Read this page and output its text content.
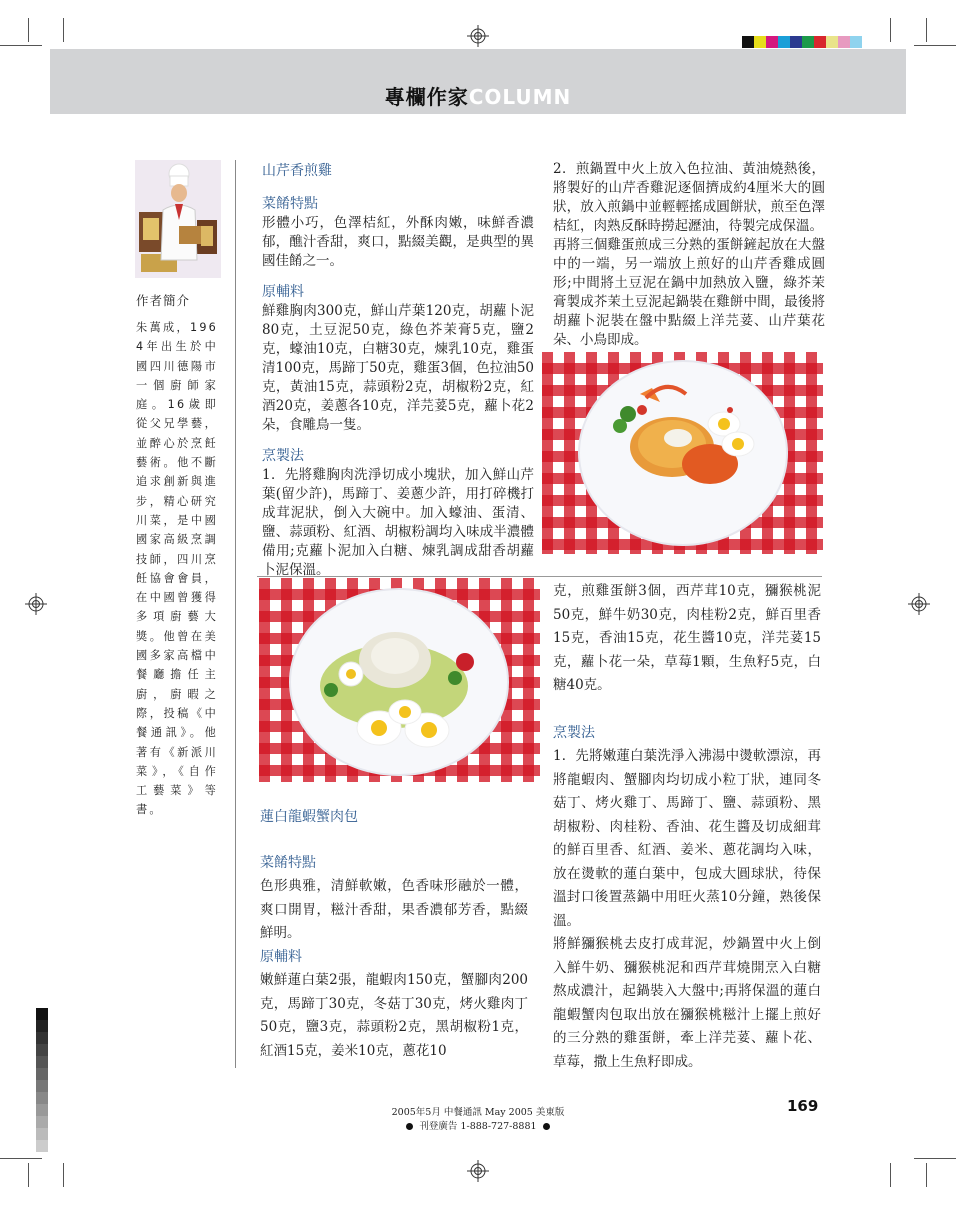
專欄作家COLUMN
作者簡介
朱萬成，1964年出生於中國四川德陽市一個廚師家庭。16歲即從父兄學藝，並醉心於烹飪藝術。他不斷追求創新與進步，精心研究川菜，是中國國家高級烹調技師，四川烹飪協會會員，在中國曾獲得多項廚藝大獎。他曾在美國多家高檔中餐廳擔任主廚，廚暇之際，投稿《中餐通訊》。他著有《新派川菜》，《自作工藝菜》等書。
山芹香煎雞
菜餚特點
形體小巧，色澤桔紅，外酥肉嫩，味鮮香濃郁，醮汁香甜，爽口，點綴美觀，是典型的異國佳餚之一。
原輔料
鮮雞胸肉300克，鮮山芹葉120克，胡蘿卜泥80克，土豆泥50克，綠色芥茉膏5克，鹽2克，蠔油10克，白糖30克，煉乳10克，雞蛋清100克，馬蹄丁50克，雞蛋3個，色拉油50克，黃油15克，蒜頭粉2克，胡椒粉2克，紅酒20克，姜蔥各10克，洋芫荽5克，蘿卜花2朵，食雕鳥一隻。
烹製法
1．先將雞胸肉洗淨切成小塊狀，加入鮮山芹葉(留少許)，馬蹄丁、姜蔥少許，用打碎機打成茸泥狀，倒入大碗中。加入蠔油、蛋清、鹽、蒜頭粉、紅酒、胡椒粉調均入味成半濃體備用;克蘿卜泥加入白糖、煉乳調成甜香胡蘿卜泥保溫。
2．煎鍋置中火上放入色拉油、黃油燒熱後，將製好的山芹香雞泥逐個擠成約4厘米大的圓狀，放入煎鍋中並輕輕搖成圓餅狀，煎至色澤桔紅，肉熟反酥時撈起瀝油，待製完成保溫。
再將三個雞蛋煎成三分熟的蛋餅鏟起放在大盤中的一端，另一端放上煎好的山芹香雞成圓形;中間將土豆泥在鍋中加熱放入鹽，綠芥茉膏製成芥茉土豆泥起鍋裝在雞餅中間，最後將胡蘿卜泥裝在盤中點綴上洋芫荽、山芹葉花朵、小鳥即成。
蓮白龍蝦蟹肉包
菜餚特點
色形典雅，清鮮軟嫩，色香味形融於一體，爽口開胃，糍汁香甜，果香濃郁芳香，點綴鮮明。
原輔料
嫩鮮蓮白葉2張，龍蝦肉150克，蟹腳肉200克，馬蹄丁30克，冬菇丁30克，烤火雞肉丁50克，鹽3克，蒜頭粉2克，黑胡椒粉1克，紅酒15克，姜米10克，蔥花10
克，煎雞蛋餅3個，西芹茸10克，獼猴桃泥50克，鮮牛奶30克，肉桂粉2克，鮮百里香15克，香油15克，花生醬10克，洋芫荽15克，蘿卜花一朵，草莓1顆，生魚籽5克，白糖40克。
烹製法
1．先將嫩蓮白葉洗淨入沸湯中燙軟漂涼，再將龍蝦肉、蟹腳肉均切成小粒丁狀，連同冬菇丁、烤火雞丁、馬蹄丁、鹽、蒜頭粉、黑胡椒粉、肉桂粉、香油、花生醬及切成細茸的鮮百里香、紅酒、姜米、蔥花調均入味，放在燙軟的蓮白葉中，包成大圓球狀，待保溫封口後置蒸鍋中用旺火蒸10分鐘，熟後保溫。
將鮮獼猴桃去皮打成茸泥，炒鍋置中火上倒入鮮牛奶、獼猴桃泥和西芹茸燒開烹入白糖熬成濃汁，起鍋裝入大盤中;再將保溫的蓮白龍蝦蟹肉包取出放在獼猴桃糍汁上擺上煎好的三分熟的雞蛋餅，牽上洋芫荽、蘿卜花、草莓，撒上生魚籽即成。
2005年5月 中餐通訊 May 2005 美東版
刊登廣告 1-888-727-8881
169
